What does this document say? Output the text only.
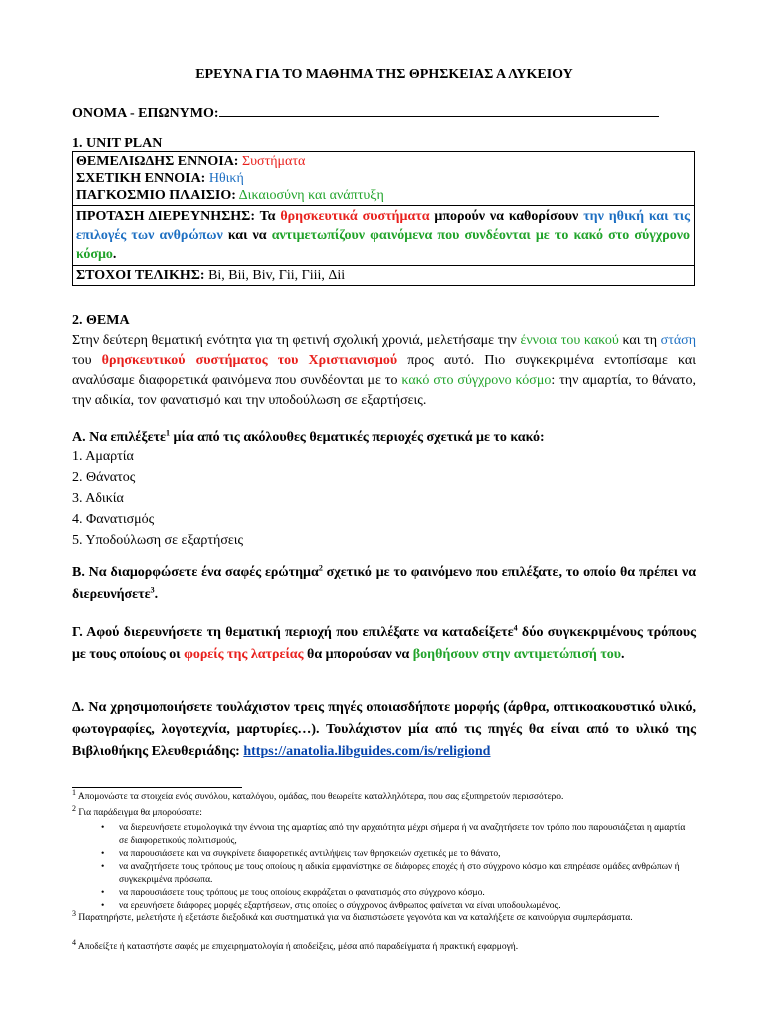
ΕΡΕΥΝΑ ΓΙΑ ΤΟ ΜΑΘΗΜΑ ΤΗΣ ΘΡΗΣΚΕΙΑΣ Α ΛΥΚΕΙΟΥ
ΟΝΟΜΑ - ΕΠΩΝΥΜΟ:
1. UNIT PLAN
ΘΕΜΕΛΙΩΔΗΣ ΕΝΝΟΙΑ: Συστήματα
ΣΧΕΤΙΚΗ ΕΝΝΟΙΑ: Ηθική
ΠΑΓΚΟΣΜΙΟ ΠΛΑΙΣΙΟ: Δικαιοσύνη και ανάπτυξη

ΠΡΟΤΑΣΗ ΔΙΕΡΕΥΝΗΣΗΣ: Τα θρησκευτικά συστήματα μπορούν να καθορίσουν την ηθική και τις επιλογές των ανθρώπων και να αντιμετωπίζουν φαινόμενα που συνδέονται με το κακό στο σύγχρονο κόσμο.
ΣΤΟΧΟΙ ΤΕΛΙΚΗΣ: Bi, Bii, Biv, Γii, Γiii, Δii
2. ΘΕΜΑ
Στην δεύτερη θεματική ενότητα για τη φετινή σχολική χρονιά, μελετήσαμε την έννοια του κακού και τη στάση του θρησκευτικού συστήματος του Χριστιανισμού προς αυτό. Πιο συγκεκριμένα εντοπίσαμε και αναλύσαμε διαφορετικά φαινόμενα που συνδέονται με το κακό στο σύγχρονο κόσμο: την αμαρτία, το θάνατο, την αδικία, τον φανατισμό και την υποδούλωση σε εξαρτήσεις.
Α. Να επιλέξετε$^1$ μία από τις ακόλουθες θεματικές περιοχές σχετικά με το κακό:
1. Αμαρτία
2. Θάνατος
3. Αδικία
4. Φανατισμός
5. Υποδούλωση σε εξαρτήσεις
Β. Να διαμορφώσετε ένα σαφές ερώτημα$^2$ σχετικό με το φαινόμενο που επιλέξατε, το οποίο θα πρέπει να διερευνήσετε$^3$.
Γ. Αφού διερευνήσετε τη θεματική περιοχή που επιλέξατε να καταδείξετε$^4$ δύο συγκεκριμένους τρόπους με τους οποίους οι φορείς της λατρείας θα μπορούσαν να βοηθήσουν στην αντιμετώπισή του.
Δ. Να χρησιμοποιήσετε τουλάχιστον τρεις πηγές οποιασδήποτε μορφής (άρθρα, οπτικοακουστικό υλικό, φωτογραφίες, λογοτεχνία, μαρτυρίες…). Τουλάχιστον μία από τις πηγές θα είναι από το υλικό της Βιβλιοθήκης Ελευθεριάδης: https://anatolia.libguides.com/is/religiond
$^1$ Απομονώστε τα στοιχεία ενός συνόλου, καταλόγου, ομάδας, που θεωρείτε καταλληλότερα, που σας εξυπηρετούν περισσότερο.
$^2$ Για παράδειγμα θα μπορούσατε:
• να διερευνήσετε ετυμολογικά την έννοια της αμαρτίας από την αρχαιότητα μέχρι σήμερα ή να αναζητήσετε τον τρόπο που παρουσιάζεται η αμαρτία σε διαφορετικούς πολιτισμούς,
• να παρουσιάσετε και να συγκρίνετε διαφορετικές αντιλήψεις των θρησκειών σχετικές με το θάνατο,
• να αναζητήσετε τους τρόπους με τους οποίους η αδικία εμφανίστηκε σε διάφορες εποχές ή στο σύγχρονο κόσμο και επηρέασε ομάδες ανθρώπων ή συγκεκριμένα πρόσωπα.
• να παρουσιάσετε τους τρόπους με τους οποίους εκφράζεται ο φανατισμός στο σύγχρονο κόσμο.
• να ερευνήσετε διάφορες μορφές εξαρτήσεων, στις οποίες ο σύγχρονος άνθρωπος φαίνεται να είναι υποδουλωμένος.
$^3$ Παρατηρήστε, μελετήστε ή εξετάστε διεξοδικά και συστηματικά για να διαπιστώσετε γεγονότα και να καταλήξετε σε καινούργια συμπεράσματα.
$^4$ Αποδείξτε ή καταστήστε σαφές με επιχειρηματολογία ή αποδείξεις, μέσα από παραδείγματα ή πρακτική εφαρμογή.
